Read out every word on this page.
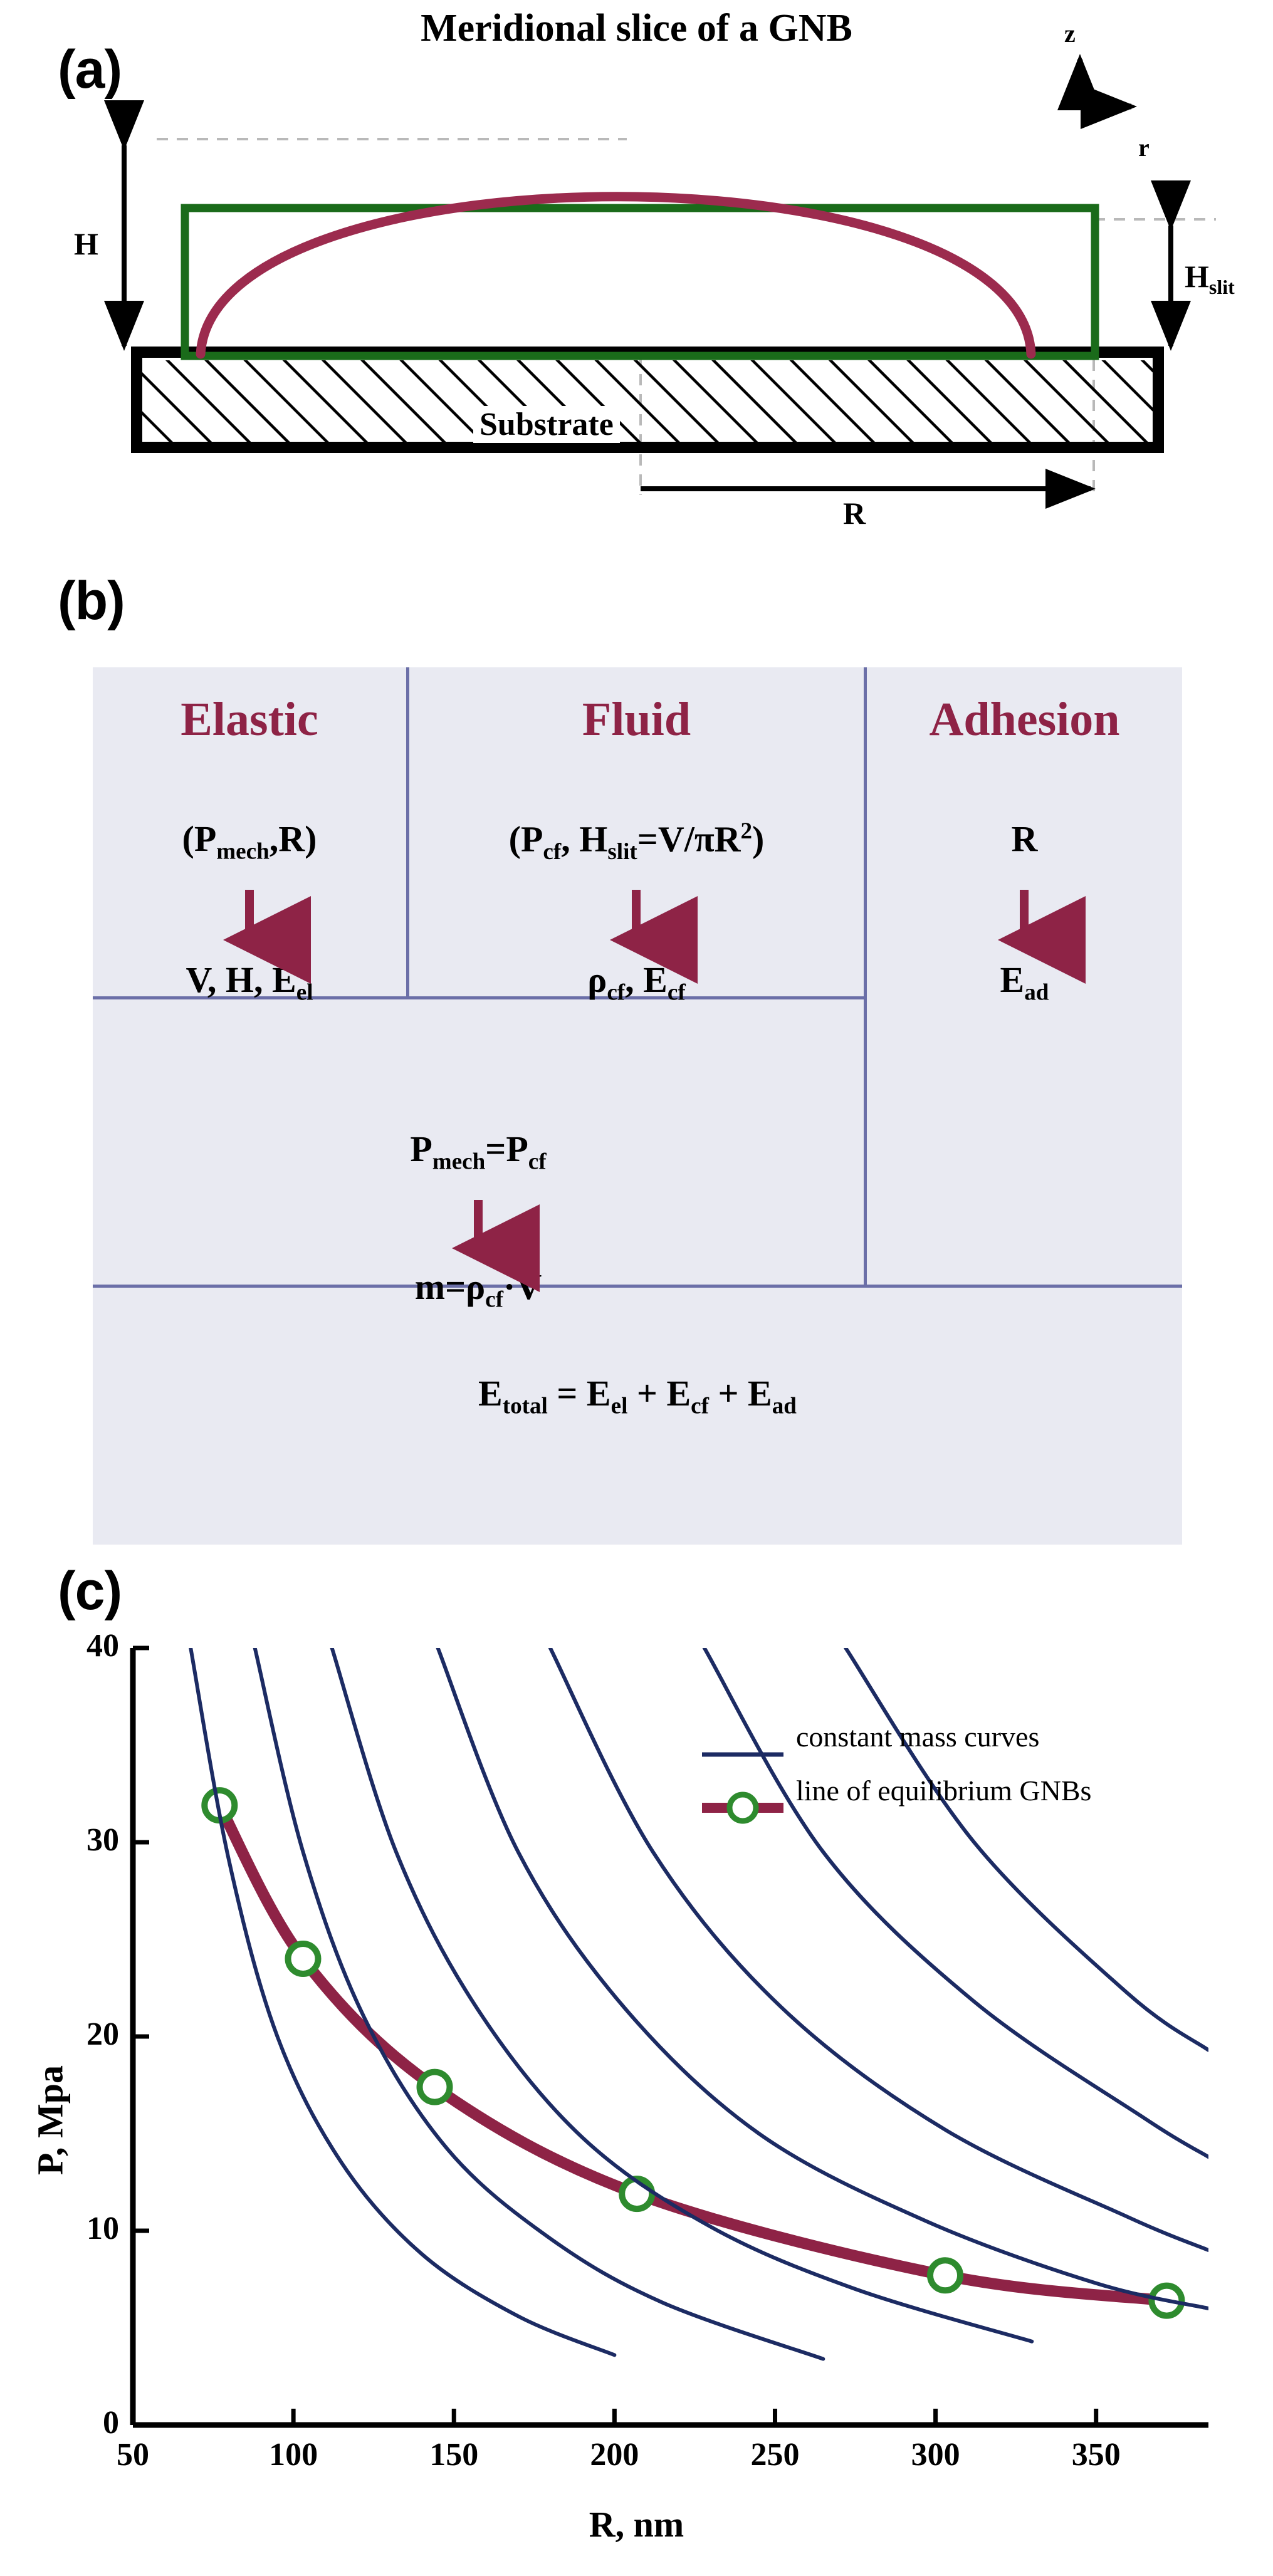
(a)
Meridional slice of a GNB	z
r
H
$H_{slit}$
R
Substrate
(b)
Elastic	Fluid	Adhesion
$(P_{mech},R)$
V, H, $E_{el}$
($P_{cf}$, $H_{slit}=V/\pi R^2$)
$\rho_{cf}$, $E_{cf}$
R
$E_{ad}$
$P_{mech}=P_{cf}$
$m=\rho_{cf}\cdot V$
$E_{total} = E_{el} + E_{cf} + E_{ad}$
(c)
P, Mpa
R, nm
50	100	150	200	250	300	350
0
10
20
30
40
constant mass curves
line of equilibrium GNBs
